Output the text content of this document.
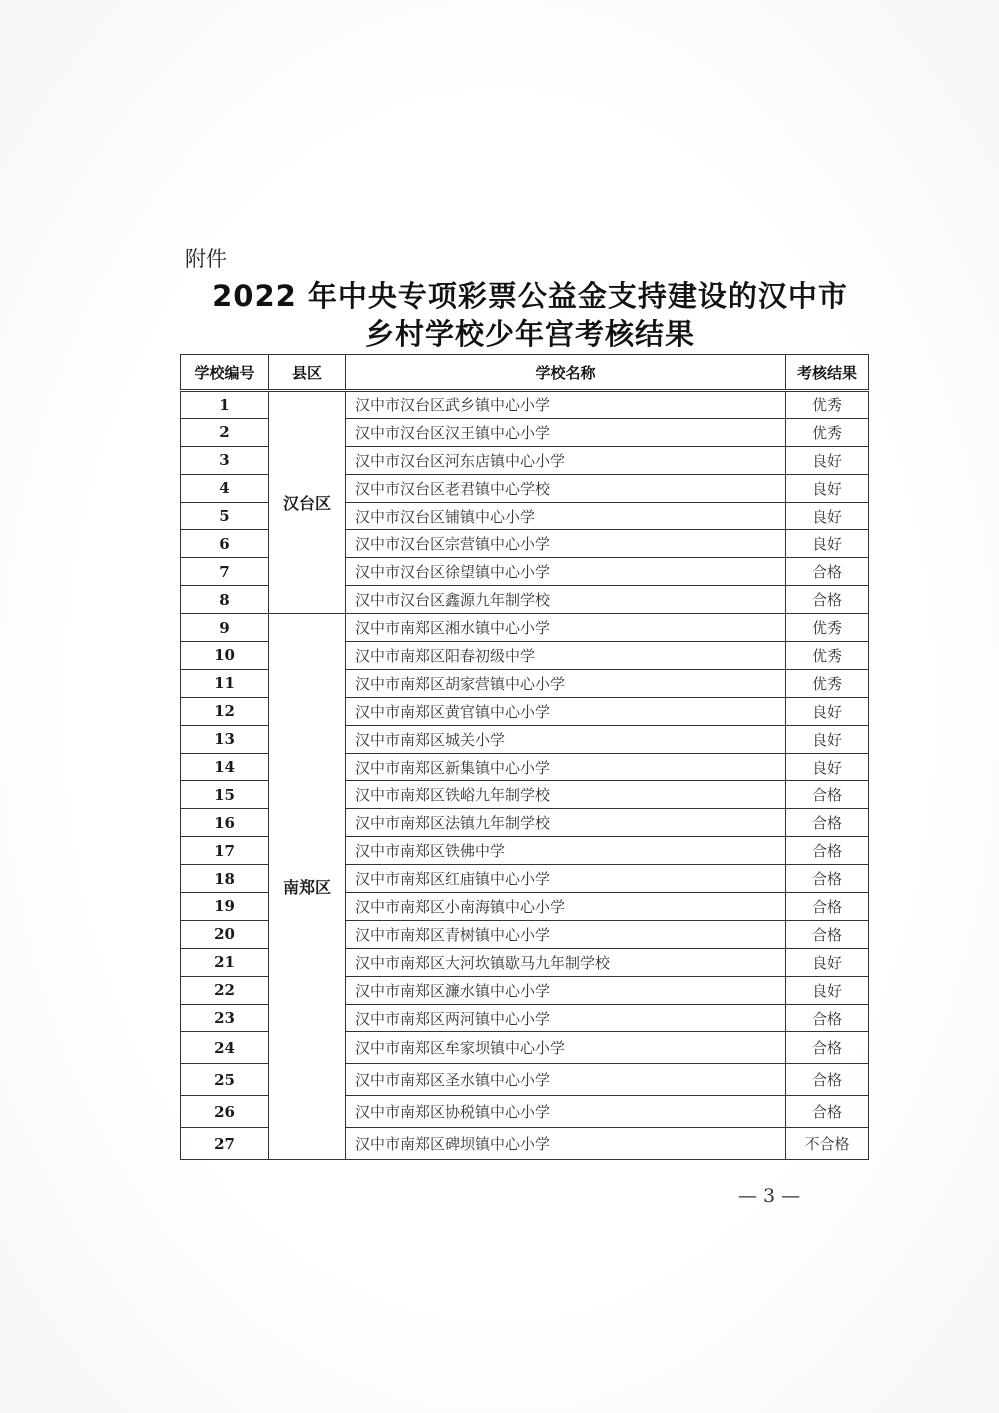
附件
2022 年中央专项彩票公益金支持建设的汉中市
乡村学校少年宫考核结果
学校编号	县区	学校名称	考核结果
1	汉台区	汉中市汉台区武乡镇中心小学	优秀
2		汉中市汉台区汉王镇中心小学	优秀
3		汉中市汉台区河东店镇中心小学	良好
4		汉中市汉台区老君镇中心学校	良好
5		汉中市汉台区铺镇中心小学	良好
6		汉中市汉台区宗营镇中心小学	良好
7		汉中市汉台区徐望镇中心小学	合格
8		汉中市汉台区鑫源九年制学校	合格
9	南郑区	汉中市南郑区湘水镇中心小学	优秀
10		汉中市南郑区阳春初级中学	优秀
11		汉中市南郑区胡家营镇中心小学	优秀
12		汉中市南郑区黄官镇中心小学	良好
13		汉中市南郑区城关小学	良好
14		汉中市南郑区新集镇中心小学	良好
15		汉中市南郑区铁峪九年制学校	合格
16		汉中市南郑区法镇九年制学校	合格
17		汉中市南郑区铁佛中学	合格
18		汉中市南郑区红庙镇中心小学	合格
19		汉中市南郑区小南海镇中心小学	合格
20		汉中市南郑区青树镇中心小学	合格
21		汉中市南郑区大河坎镇歇马九年制学校	良好
22		汉中市南郑区濂水镇中心小学	良好
23		汉中市南郑区两河镇中心小学	合格
24		汉中市南郑区牟家坝镇中心小学	合格
25		汉中市南郑区圣水镇中心小学	合格
26		汉中市南郑区协税镇中心小学	合格
27		汉中市南郑区碑坝镇中心小学	不合格
— 3 —
